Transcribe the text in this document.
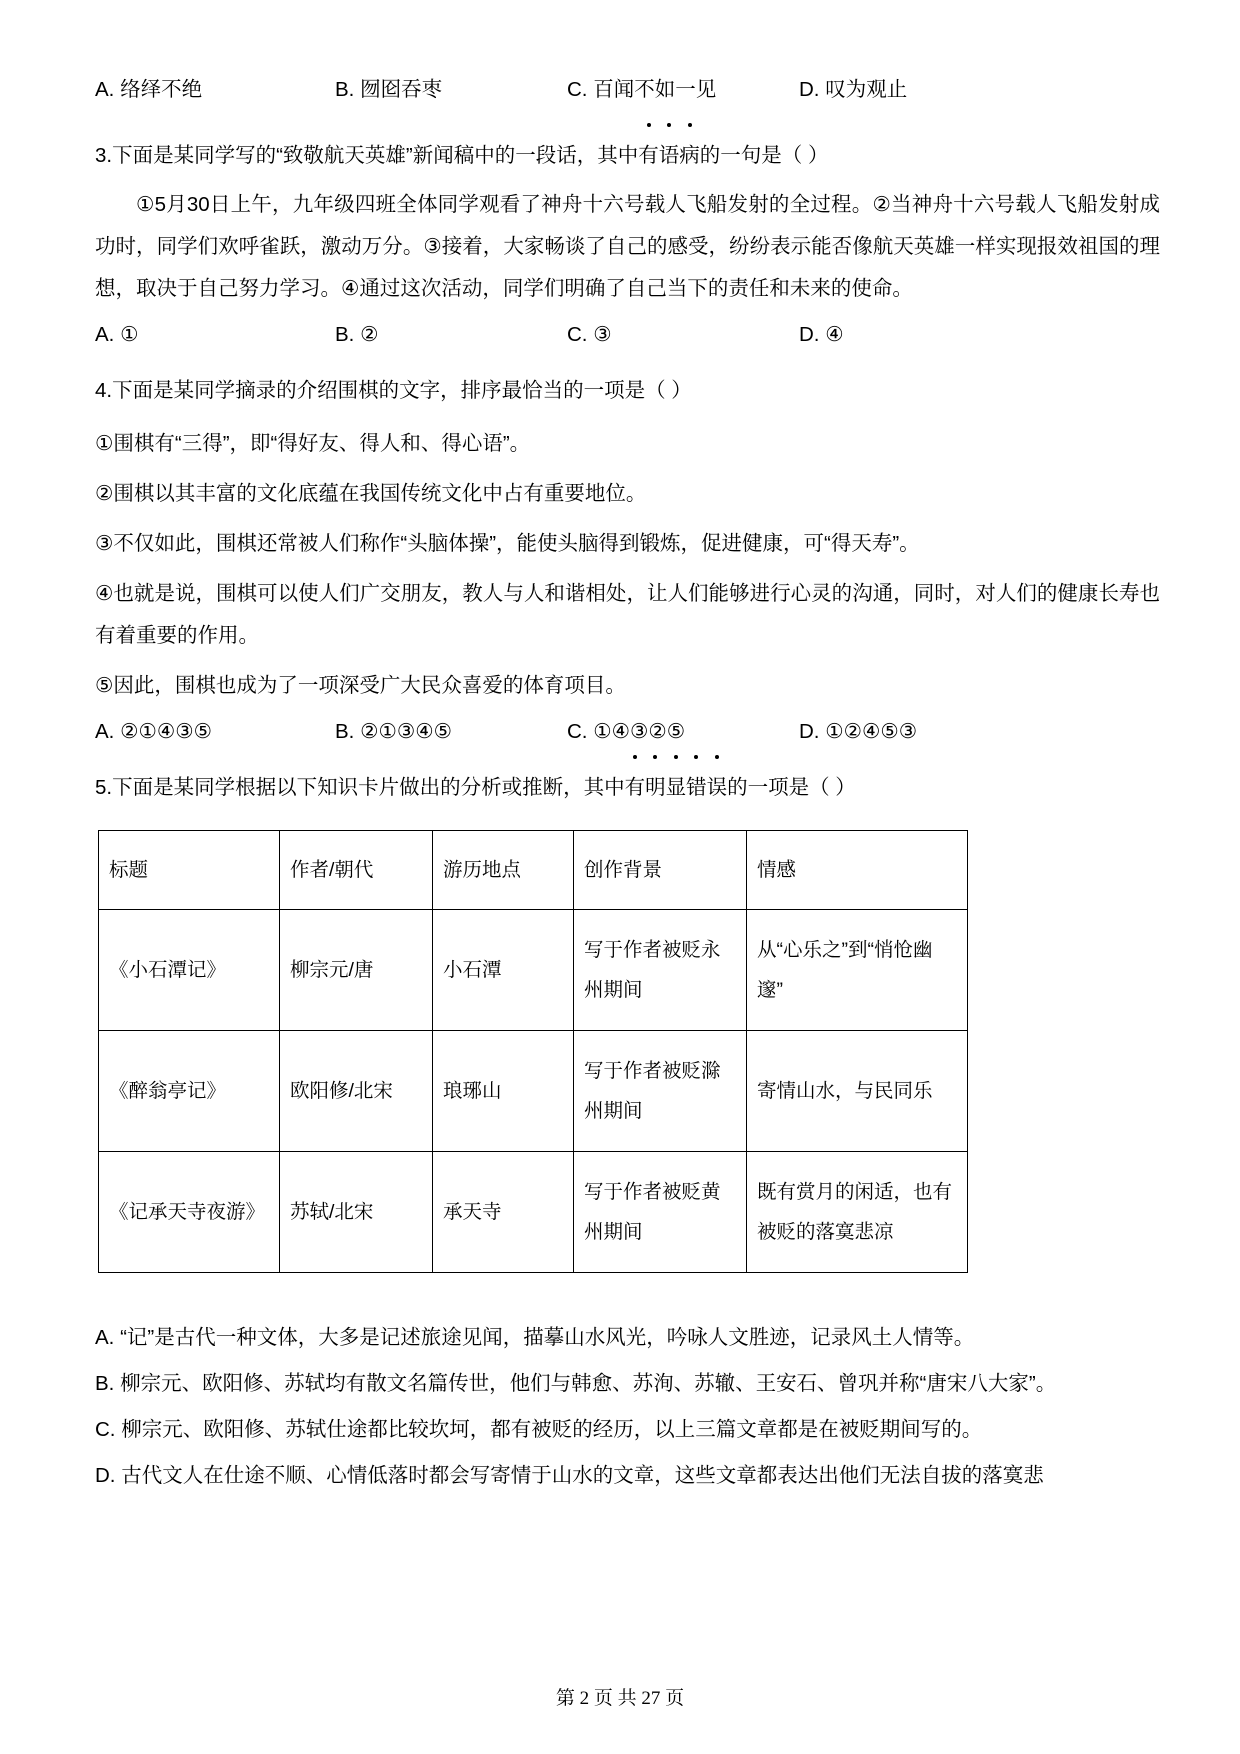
A. 络绎不绝	B. 囫囵吞枣	C. 百闻不如一见	D. 叹为观止
3.下面是某同学写的“致敬航天英雄”新闻稿中的一段话，其中
有语病的一句是（ ）

①5月30日上午，九年级四班全体同学观看了神舟十六号载人飞船发射的全过程。②当神舟十六号载人飞船发射成功时，同学们欢呼雀跃，激动万分。③接着，大家畅谈了自己的感受，纷纷表示能否像航天英雄一样实现报效祖国的理想，取决于自己努力学习。④通过这次活动，同学们明确了自己当下的责任和未来的使命。

A. ①	B. ②	C. ③	D. ④
4.下面是某同学摘录的介绍围棋的文字，排序最恰当的一项是（ ）

①围棋有“三得”，即“得好友、得人和、得心语”。

②围棋以其丰富的文化底蕴在我国传统文化中占有重要地位。

③不仅如此，围棋还常被人们称作“头脑体操”，能使头脑得到锻炼，促进健康，可“得天寿”。

④也就是说，围棋可以使人们广交朋友，教人与人和谐相处，让人们能够进行心灵的沟通，同时，对人们的健康长寿也有着重要的作用。

⑤因此，围棋也成为了一项深受广大民众喜爱的体育项目。

A. ②①④③⑤	B. ②①③④⑤	C. ①④③②⑤	D. ①②④⑤③
5.下面是某同学根据以下知识卡片做出的分析或推断，其中
有明显错误的一项是（ ）
标题	作者/朝代	游历地点	创作背景	情感
《小石潭记》	柳宗元/唐	小石潭	写于作者被贬永州期间	从“心乐之”到“悄怆幽邃”
《醉翁亭记》	欧阳修/北宋	琅琊山	写于作者被贬滁州期间	寄情山水，与民同乐
《记承天寺夜游》	苏轼/北宋	承天寺	写于作者被贬黄州期间	既有赏月的闲适，也有被贬的落寞悲凉

A. “记”是古代一种文体，大多是记述旅途见闻，描摹山水风光，吟咏人文胜迹，记录风土人情等。

B. 柳宗元、欧阳修、苏轼均有散文名篇传世，他们与韩愈、苏洵、苏辙、王安石、曾巩并称“唐宋八大家”。

C. 柳宗元、欧阳修、苏轼仕途都比较坎坷，都有被贬的经历，以上三篇文章都是在被贬期间写的。

D. 古代文人在仕途不顺、心情低落时都会写寄情于山水的文章，这些文章都表达出他们无法自拔的落寞悲

第 2 页 共 27 页
